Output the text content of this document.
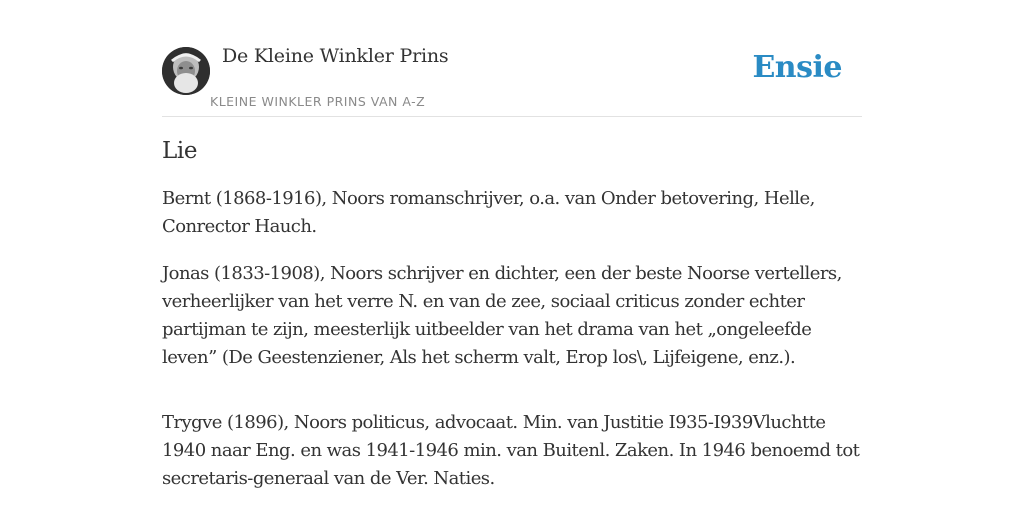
De Kleine Winkler Prins
KLEINE WINKLER PRINS VAN A-Z
Ensie
Lie

Bernt (1868-1916), Noors romanschrijver, o.a. van Onder betovering, Helle, Conrector Hauch.

Jonas (1833-1908), Noors schrijver en dichter, een der beste Noorse vertellers, verheerlijker van het verre N. en van de zee, sociaal criticus zonder echter partijman te zijn, meesterlijk uitbeelder van het drama van het „ongeleefde leven” (De Geestenziener, Als het scherm valt, Erop los\, Lijfeigene, enz.).

Trygve (1896), Noors politicus, advocaat. Min. van Justitie I935-I939Vluchtte 1940 naar Eng. en was 1941-1946 min. van Buitenl. Zaken. In 1946 benoemd tot secretaris-generaal van de Ver. Naties.
